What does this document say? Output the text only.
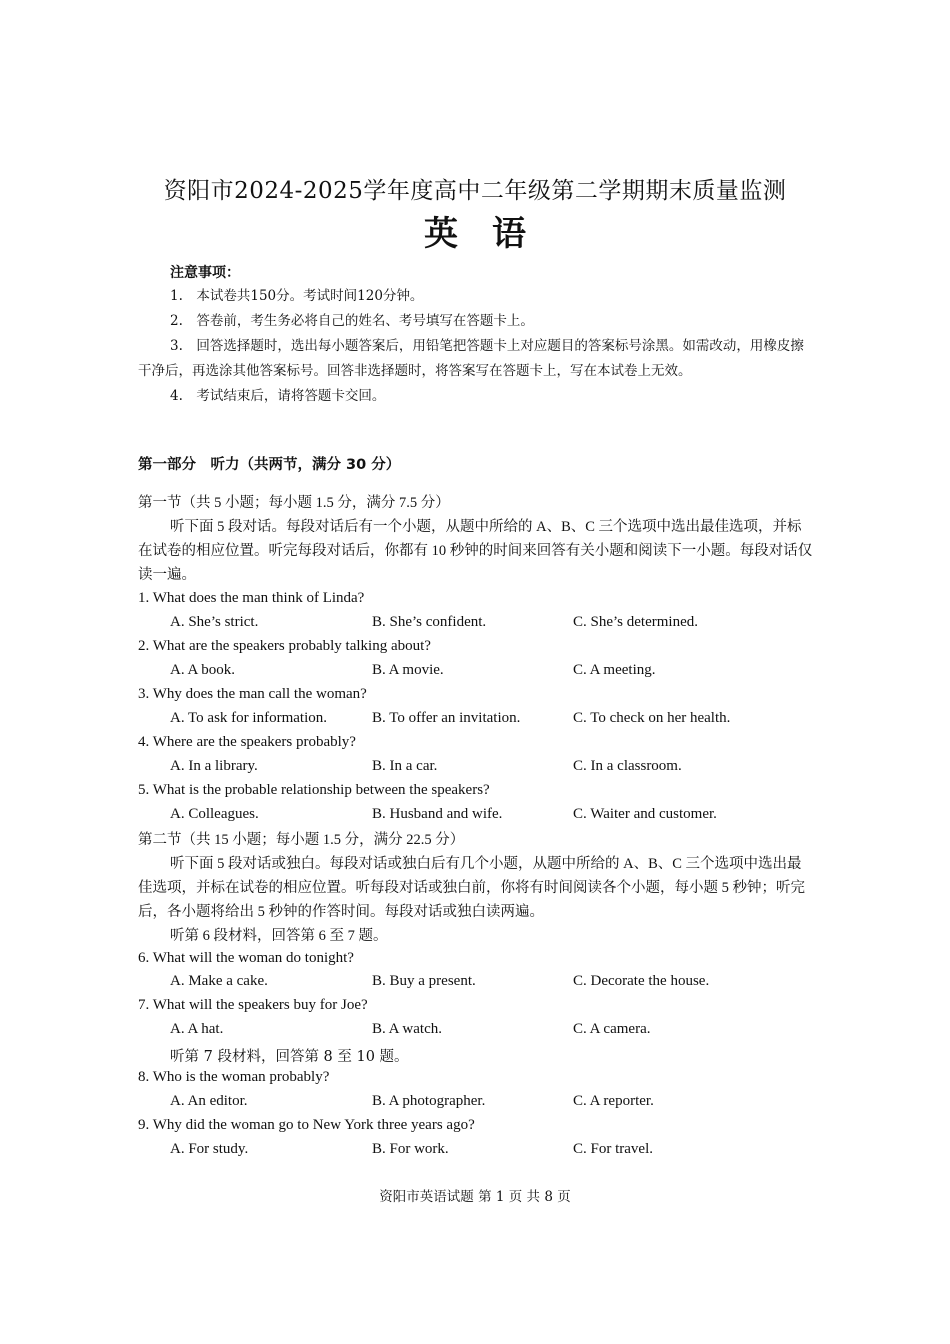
资阳市2024-2025学年度高中二年级第二学期期末质量监测
英语
注意事项：

1.　本试卷共150分。考试时间120分钟。

2.　答卷前，考生务必将自己的姓名、考号填写在答题卡上。

3.　回答选择题时，选出每小题答案后，用铅笔把答题卡上对应题目的答案标号涂黑。如需改动，用橡皮擦干净后，再选涂其他答案标号。回答非选择题时，将答案写在答题卡上，写在本试卷上无效。

4.　考试结束后，请将答题卡交回。

第一部分　听力（共两节，满分 30 分）

第一节（共 5 小题；每小题 1.5 分，满分 7.5 分）

听下面 5 段对话。每段对话后有一个小题，从题中所给的 A、B、C 三个选项中选出最佳选项，并标在试卷的相应位置。听完每段对话后，你都有 10 秒钟的时间来回答有关小题和阅读下一小题。每段对话仅读一遍。

1. What does the man think of Linda?
A. She’s strict.	B. She’s confident.	C. She’s determined.
2. What are the speakers probably talking about?
A. A book.	B. A movie.	C. A meeting.
3. Why does the man call the woman?
A. To ask for information.	B. To offer an invitation.	C. To check on her health.
4. Where are the speakers probably?
A. In a library.	B. In a car.	C. In a classroom.
5. What is the probable relationship between the speakers?
A. Colleagues.	B. Husband and wife.	C. Waiter and customer.

第二节（共 15 小题；每小题 1.5 分，满分 22.5 分）

听下面 5 段对话或独白。每段对话或独白后有几个小题，从题中所给的 A、B、C 三个选项中选出最佳选项，并标在试卷的相应位置。听每段对话或独白前，你将有时间阅读各个小题，每小题 5 秒钟；听完后，各小题将给出 5 秒钟的作答时间。每段对话或独白读两遍。

听第 6 段材料，回答第 6 至 7 题。

6. What will the woman do tonight?
A. Make a cake.	B. Buy a present.	C. Decorate the house.
7. What will the speakers buy for Joe?
A. A hat.	B. A watch.	C. A camera.
听第 7 段材料，回答第 8 至 10 题。
8. Who is the woman probably?
A. An editor.	B. A photographer.	C. A reporter.
9. Why did the woman go to New York three years ago?
A. For study.	B. For work.	C. For travel.
资阳市英语试题 第 1 页 共 8 页
